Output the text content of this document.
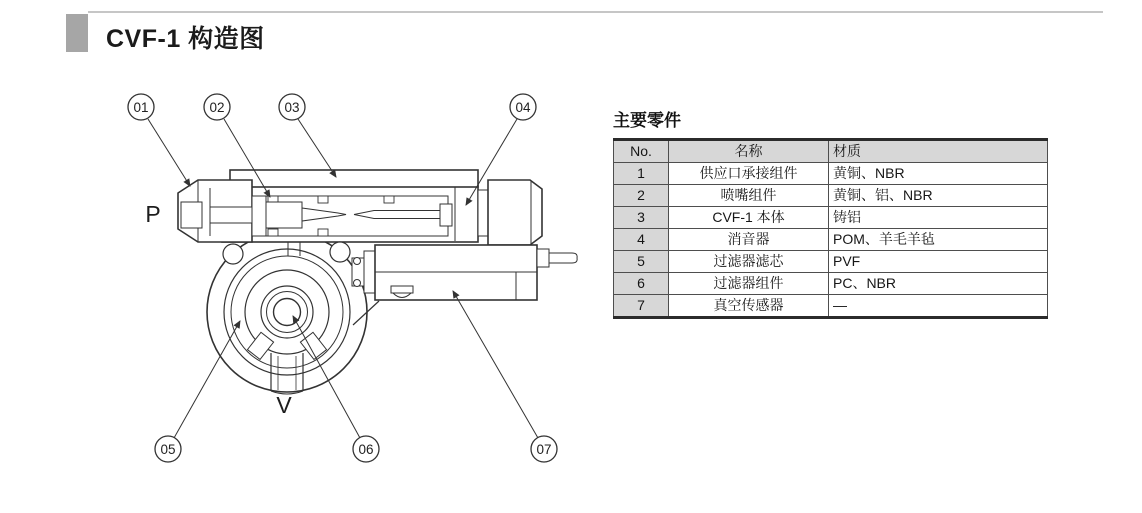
CVF-1 构造图
01	02	03	04
05	06	07
P
V
主要零件
No.	名称	材质
1	供应口承接组件	黄铜、NBR
2	喷嘴组件	黄铜、铝、NBR
3	CVF-1 本体	铸铝
4	消音器	POM、羊毛羊毡
5	过滤器滤芯	PVF
6	过滤器组件	PC、NBR
7	真空传感器	—
